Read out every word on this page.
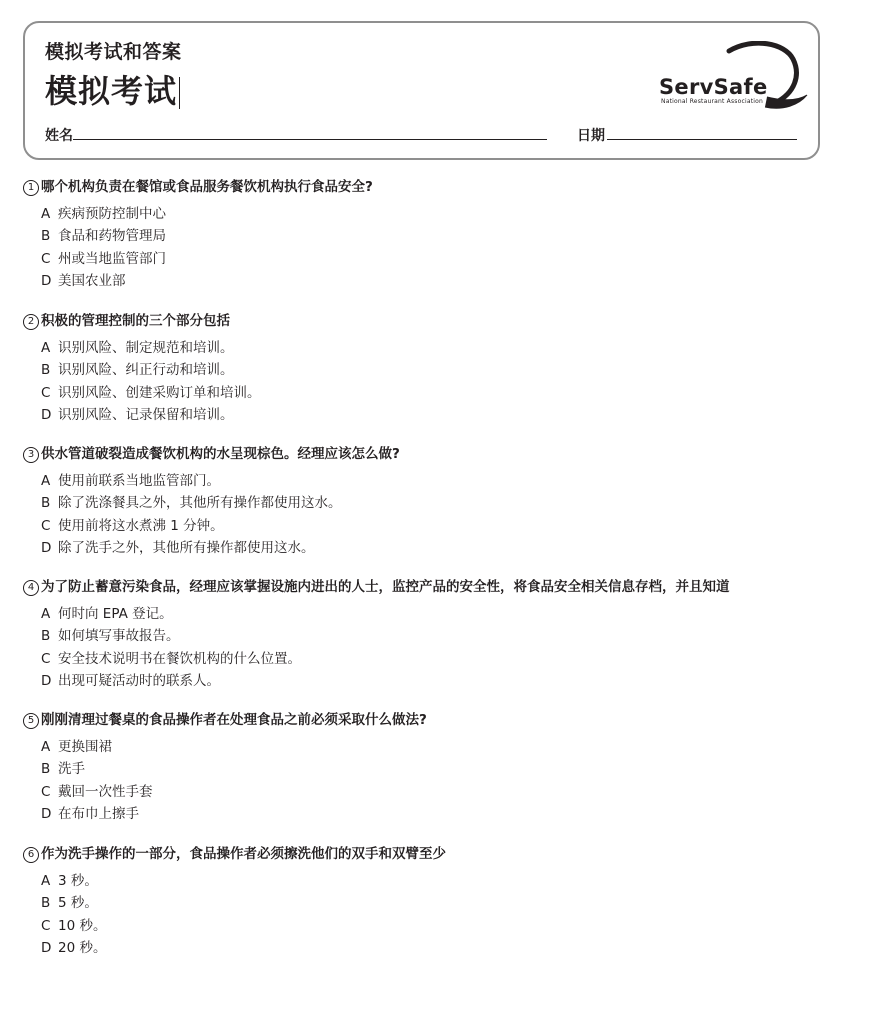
模拟考试和答案
模拟考试	ServSafe
National Restaurant Association
姓名	日期
1 哪个机构负责在餐馆或食品服务餐饮机构执行食品安全?
A 疾病预防控制中心
B 食品和药物管理局
C 州或当地监管部门
D 美国农业部
2 积极的管理控制的三个部分包括
A 识别风险、制定规范和培训。
B 识别风险、纠正行动和培训。
C 识别风险、创建采购订单和培训。
D 识别风险、记录保留和培训。
3 供水管道破裂造成餐饮机构的水呈现棕色。经理应该怎么做?
A 使用前联系当地监管部门。
B 除了洗涤餐具之外，其他所有操作都使用这水。
C 使用前将这水煮沸 1 分钟。
D 除了洗手之外，其他所有操作都使用这水。
4 为了防止蓄意污染食品，经理应该掌握设施内进出的人士，监控产品的安全性，将食品安全相关信息存档，并且知道
A 何时向 EPA 登记。
B 如何填写事故报告。
C 安全技术说明书在餐饮机构的什么位置。
D 出现可疑活动时的联系人。
5 刚刚清理过餐桌的食品操作者在处理食品之前必须采取什么做法?
A 更换围裙
B 洗手
C 戴回一次性手套
D 在布巾上擦手
6 作为洗手操作的一部分，食品操作者必须擦洗他们的双手和双臂至少
A 3 秒。
B 5 秒。
C 10 秒。
D 20 秒。
